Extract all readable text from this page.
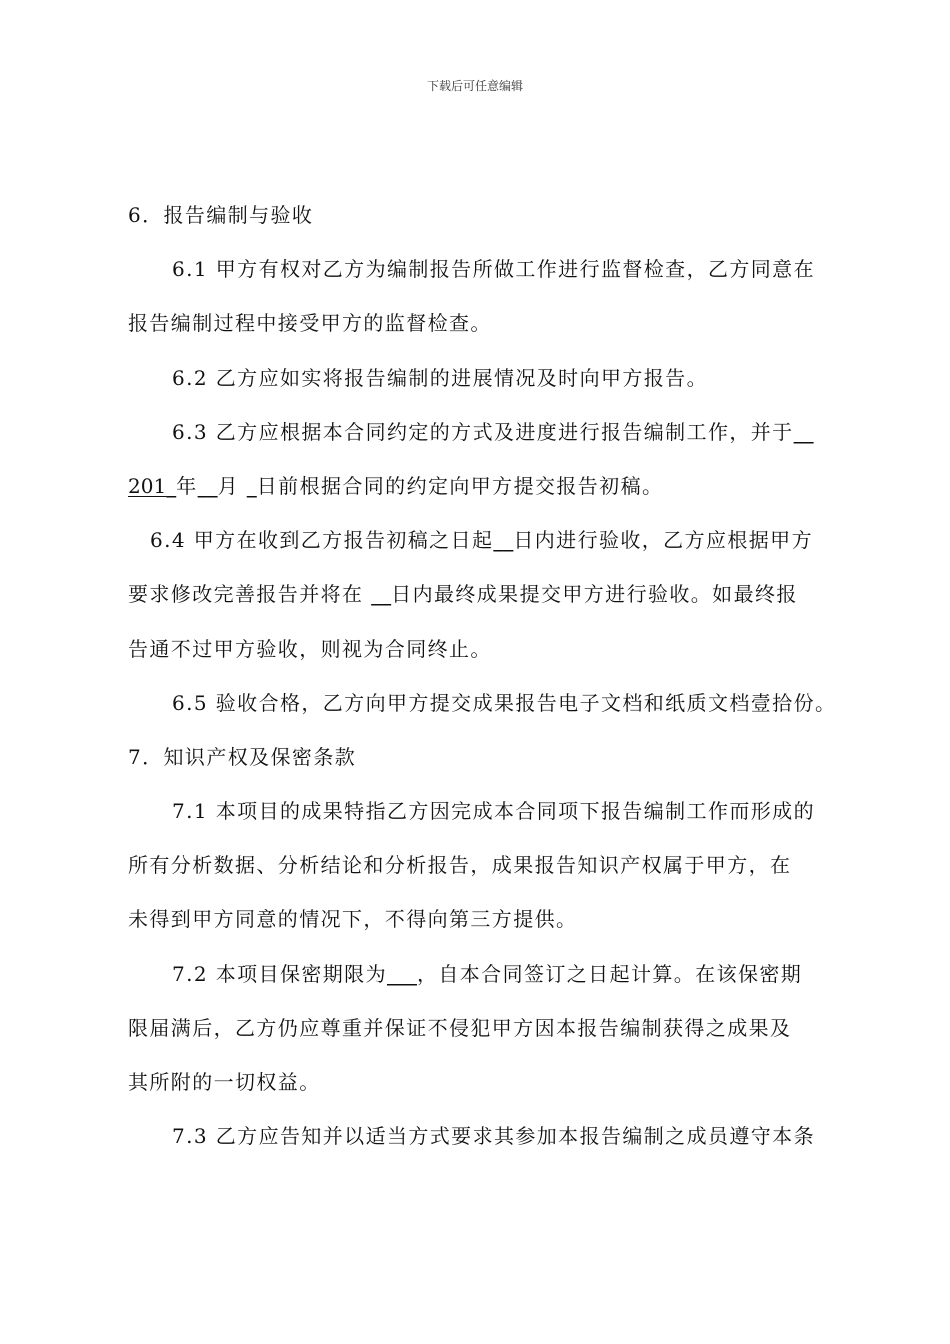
下载后可任意编辑
6．报告编制与验收
6.1 甲方有权对乙方为编制报告所做工作进行监督检查，乙方同意在
报告编制过程中接受甲方的监督检查。
6.2 乙方应如实将报告编制的进展情况及时向甲方报告。
6.3 乙方应根据本合同约定的方式及进度进行报告编制工作，并于__
201_年__月 _日前根据合同的约定向甲方提交报告初稿。
6.4 甲方在收到乙方报告初稿之日起__日内进行验收，乙方应根据甲方
要求修改完善报告并将在 __日内最终成果提交甲方进行验收。如最终报
告通不过甲方验收，则视为合同终止。
6.5 验收合格，乙方向甲方提交成果报告电子文档和纸质文档壹拾份。
7．知识产权及保密条款
7.1 本项目的成果特指乙方因完成本合同项下报告编制工作而形成的
所有分析数据、分析结论和分析报告，成果报告知识产权属于甲方，在
未得到甲方同意的情况下，不得向第三方提供。
7.2 本项目保密期限为___，自本合同签订之日起计算。在该保密期
限届满后，乙方仍应尊重并保证不侵犯甲方因本报告编制获得之成果及
其所附的一切权益。
7.3 乙方应告知并以适当方式要求其参加本报告编制之成员遵守本条
